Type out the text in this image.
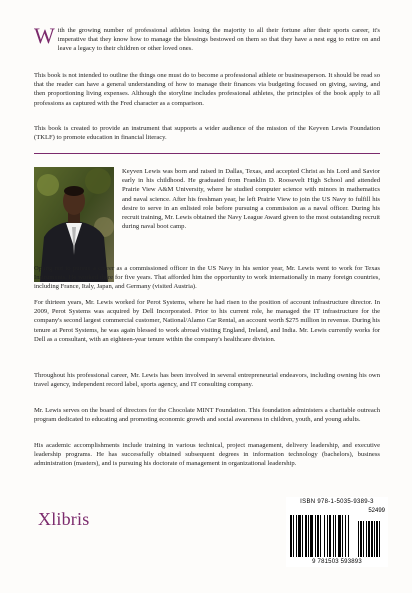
With the growing number of professional athletes losing the majority to all their fortune after their sports career, it's imperative that they know how to manage the blessings bestowed on them so that they have a nest egg to retire on and leave a legacy to their children or other loved ones.

This book is not intended to outline the things one must do to become a professional athlete or businessperson. It should be read so that the reader can have a general understanding of how to manage their finances via budgeting focused on giving, saving, and then proportioning living expenses. Although the storyline includes professional athletes, the principles of the book apply to all professions as captured with the Fred character as a comparison.

This book is created to provide an instrument that supports a wider audience of the mission of the Keyven Lewis Foundation (TKLF) to promote education in financial literacy.

Keyven Lewis was born and raised in Dallas, Texas, and accepted Christ as his Lord and Savior early in his childhood. He graduated from Franklin D. Roosevelt High School and attended Prairie View A&M University, where he studied computer science with minors in mathematics and naval science. After his freshman year, he left Prairie View to join the US Navy to fulfill his desire to serve in an enlisted role before pursuing a commission as a naval officer. During his recruit training, Mr. Lewis obtained the Navy League Award given to the most outstanding recruit during naval boot camp.

Opting not to pursue a career as a commissioned officer in the US Navy in his senior year, Mr. Lewis went to work for Texas Instruments. He worked there for five years. That afforded him the opportunity to work internationally in many foreign countries, including France, Italy, Japan, and Germany (visited Austria).

For thirteen years, Mr. Lewis worked for Perot Systems, where he had risen to the position of account infrastructure director. In 2009, Perot Systems was acquired by Dell Incorporated. Prior to his current role, he managed the IT infrastructure for the company's second largest commercial customer, National/Alamo Car Rental, an account worth $275 million in revenue. During his tenure at Perot Systems, he was again blessed to work abroad visiting England, Ireland, and India. Mr. Lewis currently works for Dell as a consultant, with an eighteen-year tenure within the company's healthcare division.

Throughout his professional career, Mr. Lewis has been involved in several entrepreneurial endeavors, including owning his own travel agency, independent record label, sports agency, and IT consulting company.

Mr. Lewis serves on the board of directors for the Chocolate MINT Foundation. This foundation administers a charitable outreach program dedicated to educating and promoting economic growth and social awareness in children, youth, and young adults.

His academic accomplishments include training in various technical, project management, delivery leadership, and executive leadership programs. He has successfully obtained subsequent degrees in information technology (bachelors), business administration (masters), and is pursuing his doctorate of management in organizational leadership.

Xlibris
ISBN 978-1-5035-9389-3
52499
9 781503 593893
